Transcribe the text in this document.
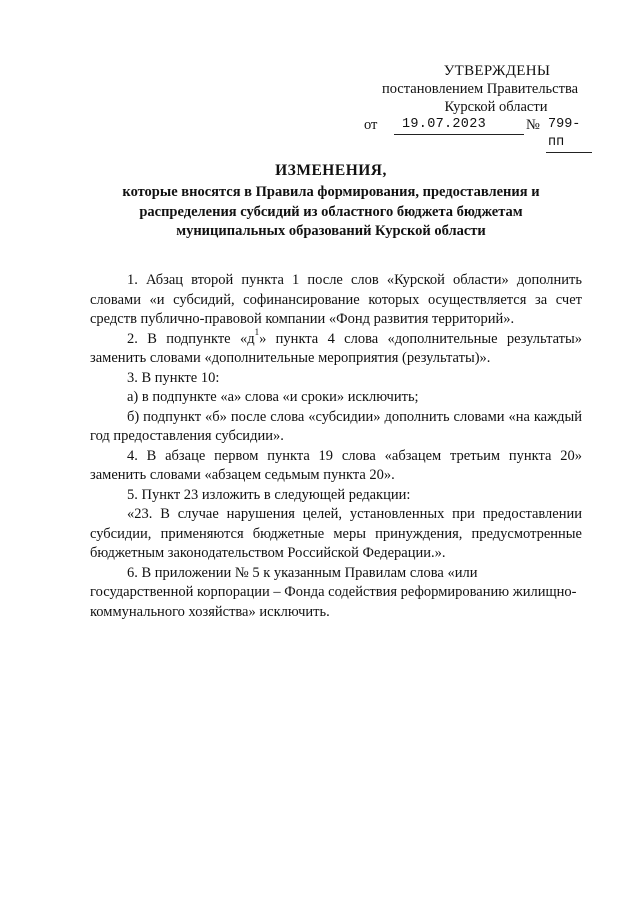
УТВЕРЖДЕНЫ
постановлением Правительства
Курской области
от	19.07.2023	№ 799-пп
ИЗМЕНЕНИЯ,
которые вносятся в Правила формирования, предоставления и распределения субсидий из областного бюджета бюджетам муниципальных образований Курской области

1. Абзац второй пункта 1 после слов «Курской области» дополнить словами «и субсидий, софинансирование которых осуществляется за счет средств публично-правовой компании «Фонд развития территорий».

2. В подпункте «$д^1$» пункта 4 слова «дополнительные результаты» заменить словами «дополнительные мероприятия (результаты)».

3. В пункте 10:

а) в подпункте «а» слова «и сроки» исключить;

б) подпункт «б» после слова «субсидии» дополнить словами «на каждый год предоставления субсидии».

4. В абзаце первом пункта 19 слова «абзацем третьим пункта 20» заменить словами «абзацем седьмым пункта 20».

5. Пункт 23 изложить в следующей редакции:

«23. В случае нарушения целей, установленных при предоставлении субсидии, применяются бюджетные меры принуждения, предусмотренные бюджетным законодательством Российской Федерации.».

6. В приложении № 5 к указанным Правилам слова «или государственной корпорации – Фонда содействия реформированию жилищно-коммунального хозяйства» исключить.
